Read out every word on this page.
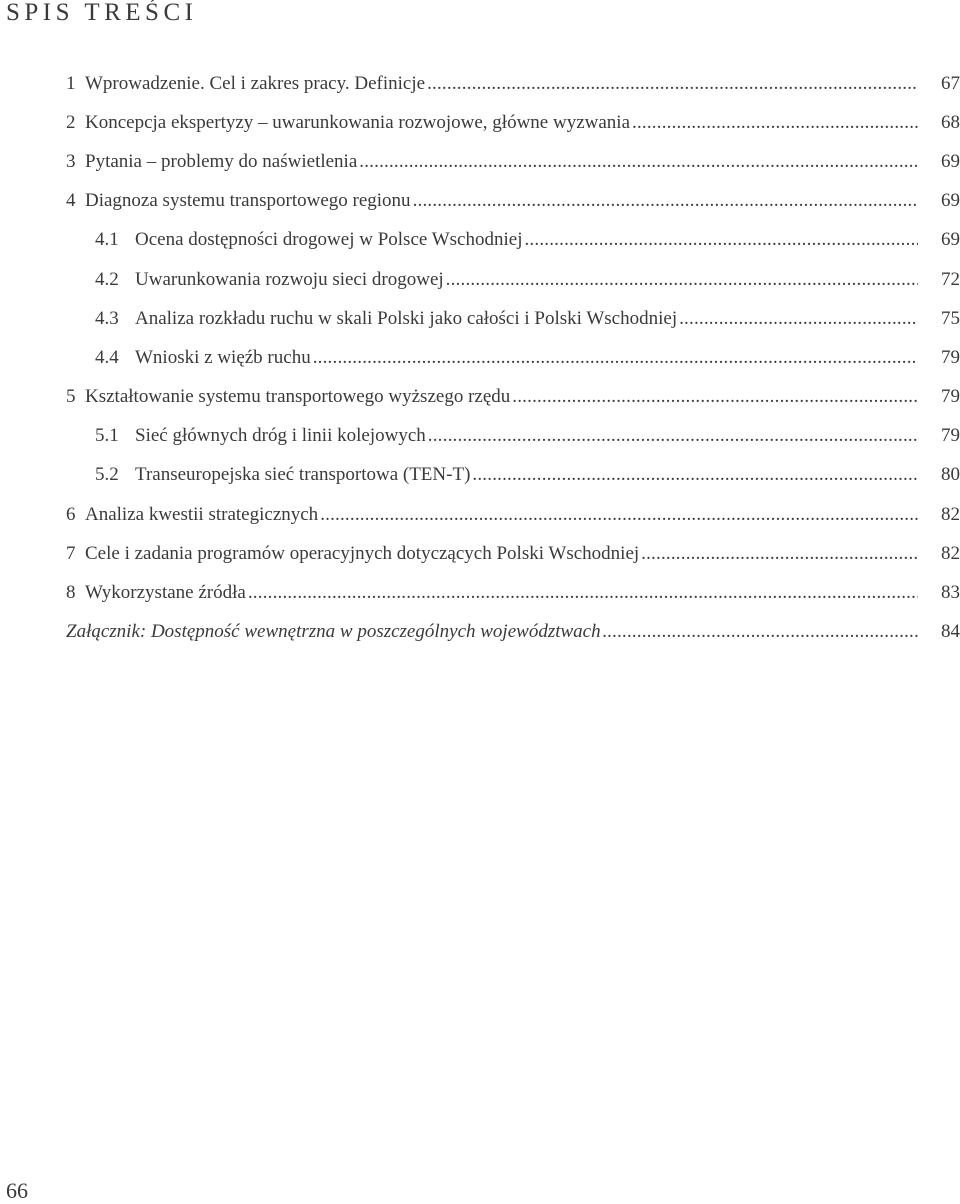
SPIS TREŚCI
1 Wprowadzenie. Cel i zakres pracy. Definicje .....	67
2 Koncepcja ekspertyzy – uwarunkowania rozwojowe, główne wyzwania .....	68
3 Pytania – problemy do naświetlenia .....	69
4 Diagnoza systemu transportowego regionu .....	69
4.1 Ocena dostępności drogowej w Polsce Wschodniej .....	69
4.2 Uwarunkowania rozwoju sieci drogowej .....	72
4.3 Analiza rozkładu ruchu w skali Polski jako całości i Polski Wschodniej .....	75
4.4 Wnioski z więźb ruchu .....	79
5 Kształtowanie systemu transportowego wyższego rzędu .....	79
5.1 Sieć głównych dróg i linii kolejowych .....	79
5.2 Transeuropejska sieć transportowa (TEN-T) .....	80
6 Analiza kwestii strategicznych .....	82
7 Cele i zadania programów operacyjnych dotyczących Polski Wschodniej .....	82
8 Wykorzystane źródła .....	83
Załącznik: Dostępność wewnętrzna w poszczególnych województwach .....	84
66
